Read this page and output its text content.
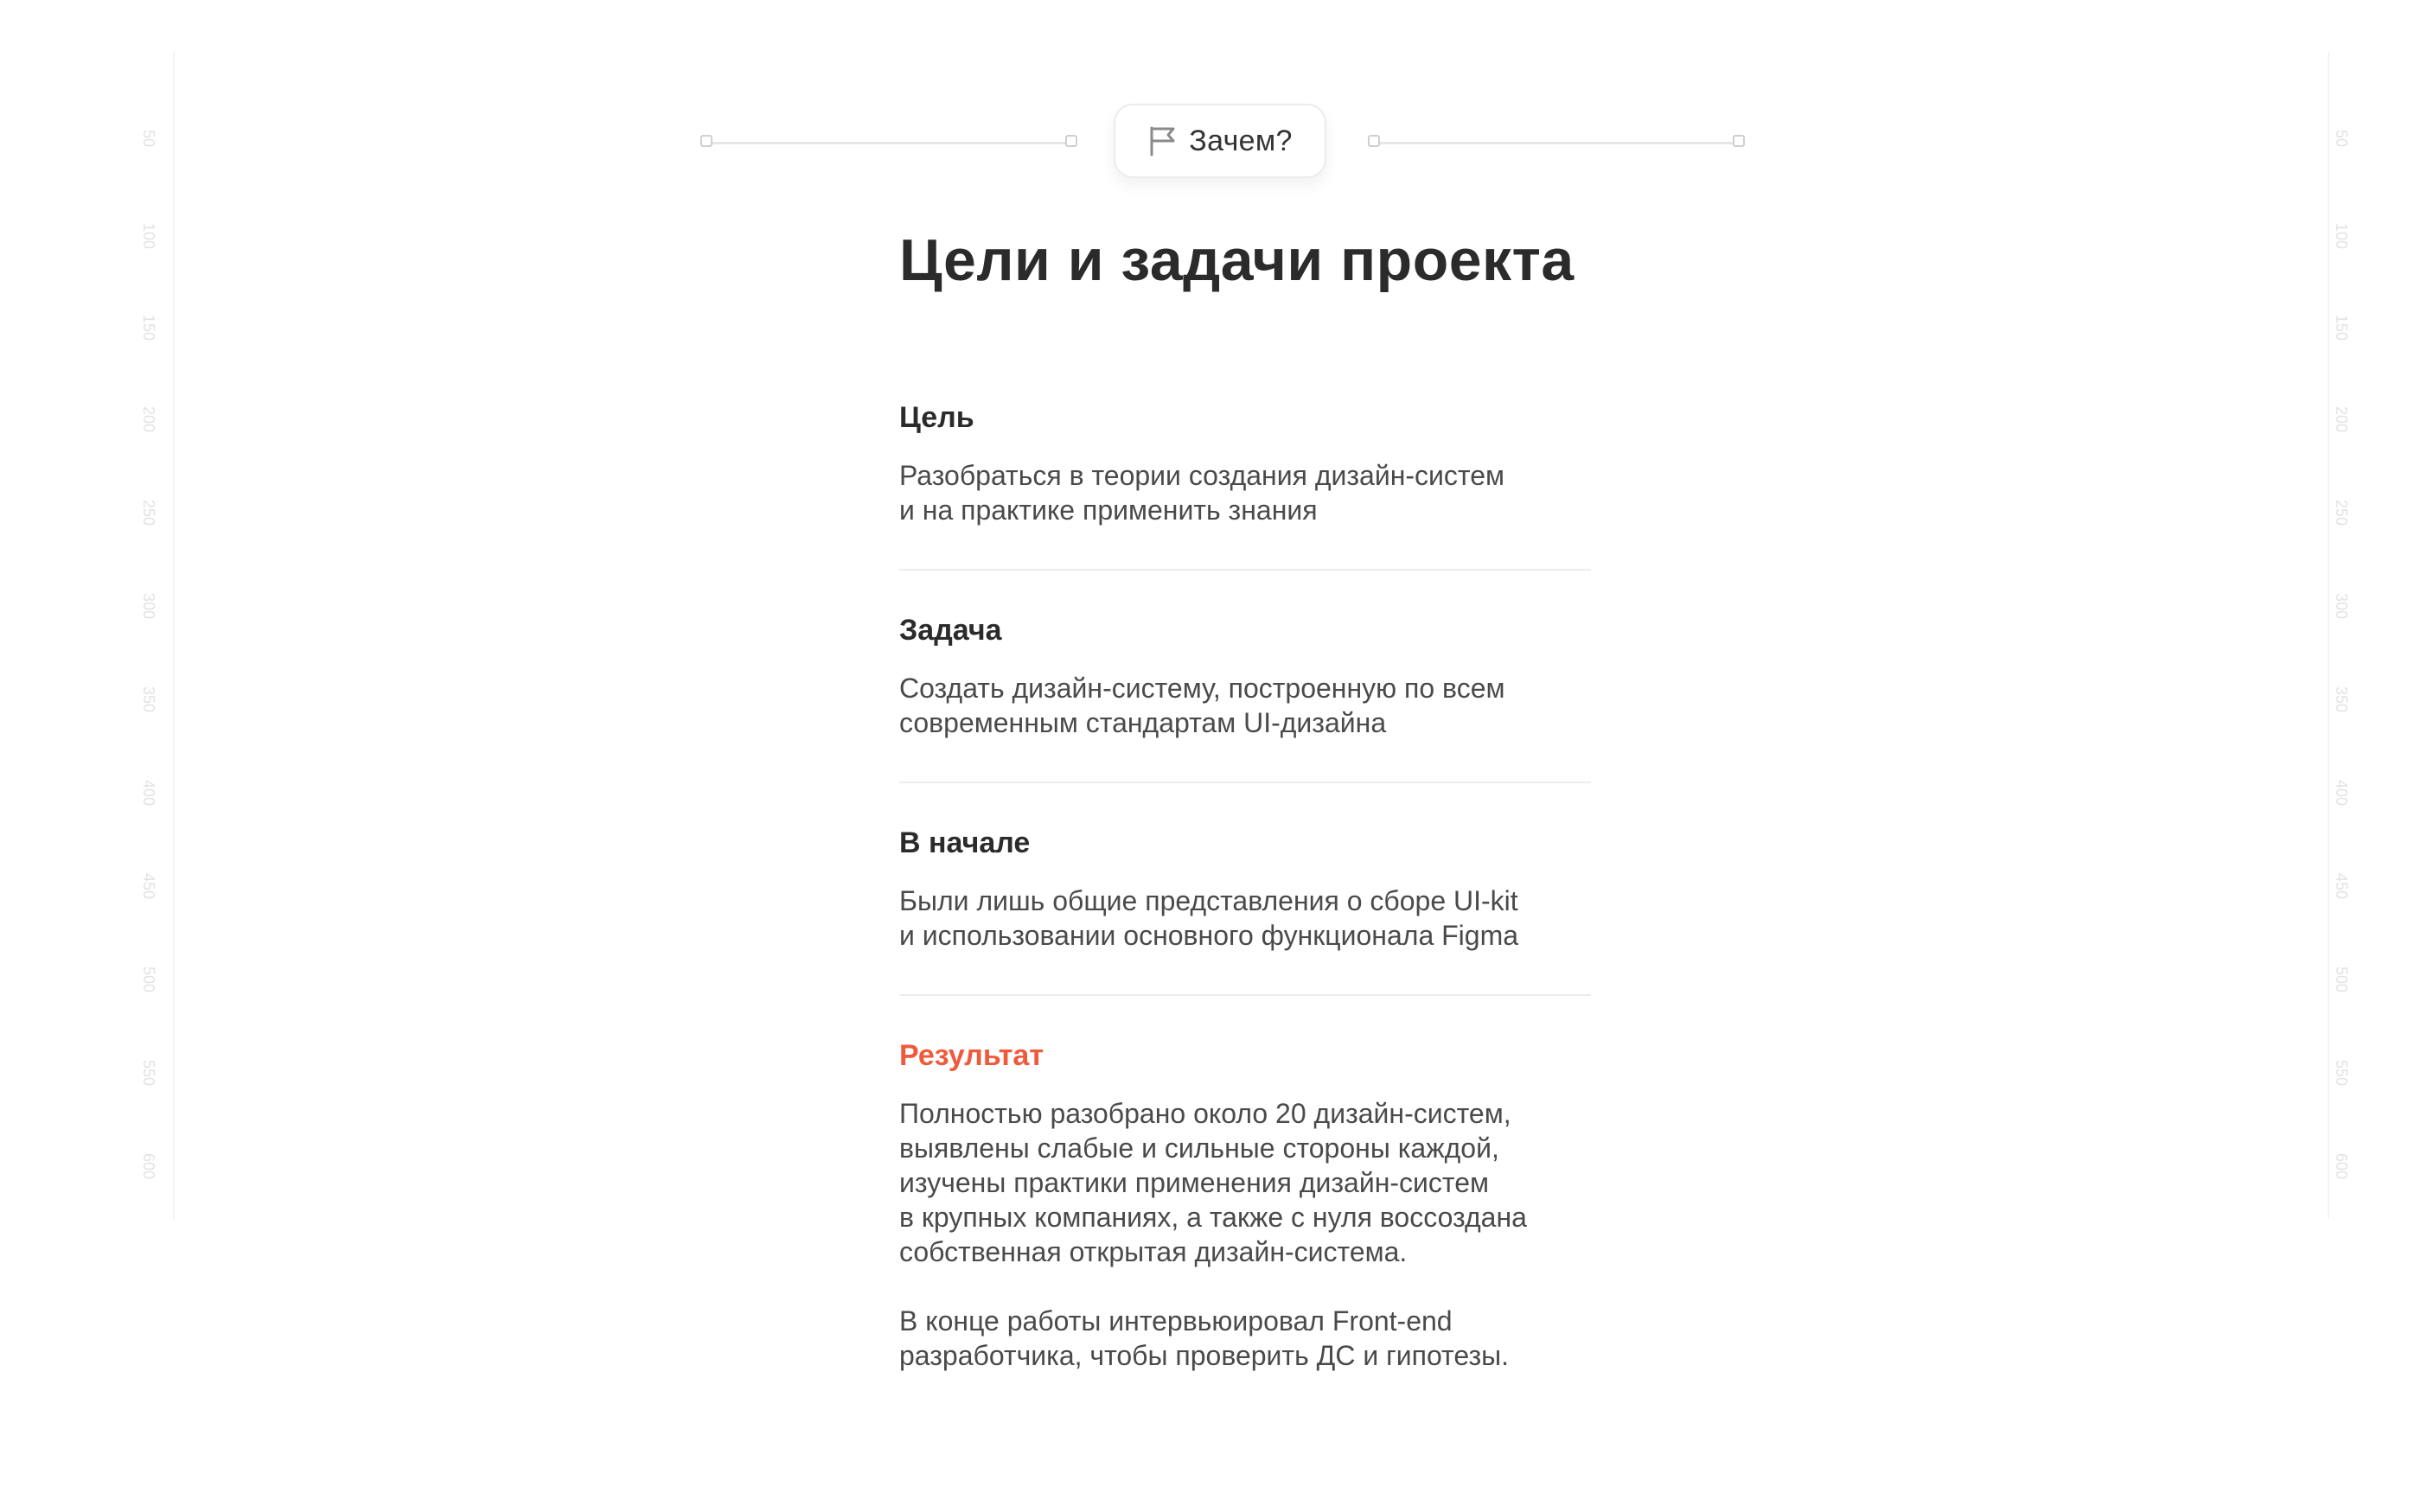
50
100
150
200
250
300
350
400
450
500
550
600
50
100
150
200
250
300
350
400
450
500
550
600
Зачем?
Цели и задачи проекта
Цель

Разобраться в теории создания дизайн-систем
и на практике применить знания

Задача

Создать дизайн-систему, построенную по всем
современным стандартам UI-дизайна

В начале

Были лишь общие представления о сборе UI-kit
и использовании основного функционала Figma

Результат

Полностью разобрано около 20 дизайн-систем,
выявлены слабые и сильные стороны каждой,
изучены практики применения дизайн-систем
в крупных компаниях, а также с нуля воссоздана
собственная открытая дизайн-система.

В конце работы интервьюировал Front-end
разработчика, чтобы проверить ДС и гипотезы.
